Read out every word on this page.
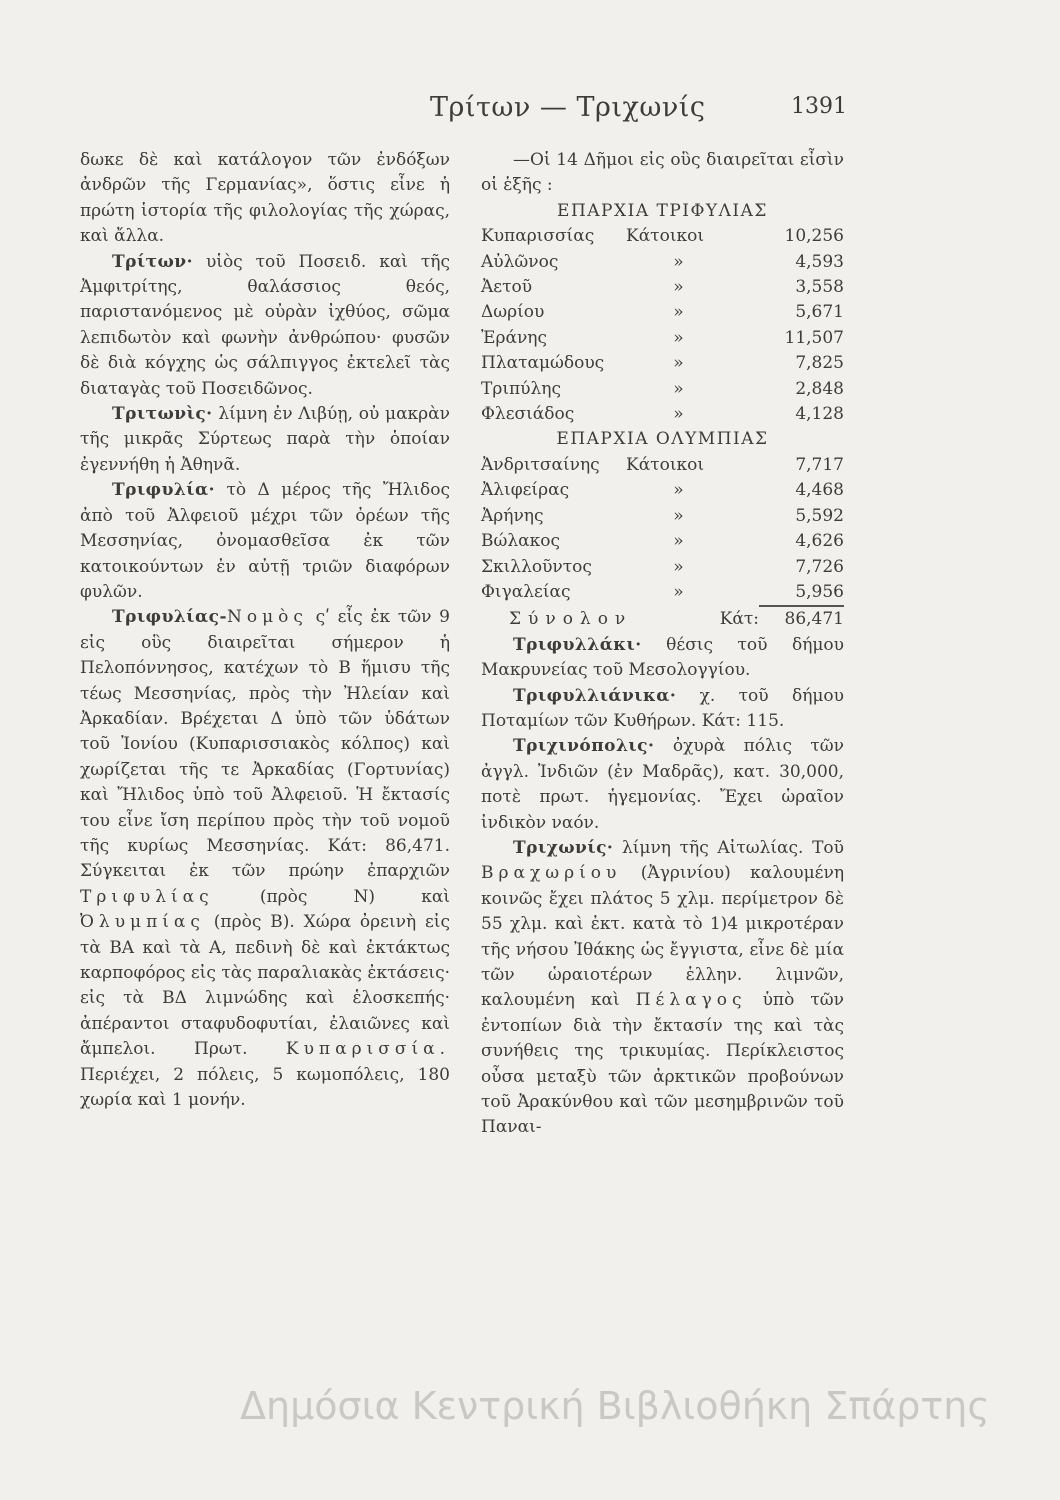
Τρίτων — Τριχωνίς	1391

δωκε δὲ καὶ κατάλογον τῶν ἐνδόξων ἀνδρῶν τῆς Γερμανίας», ὅστις εἶνε ἡ πρώτη ἱστορία τῆς φιλολογίας τῆς χώρας, καὶ ἄλλα.

Τρίτων· υἱὸς τοῦ Ποσειδ. καὶ τῆς Ἀμφιτρίτης, θαλάσσιος θεός, παριστανόμενος μὲ οὐρὰν ἰχθύος, σῶμα λεπιδωτὸν καὶ φωνὴν ἀνθρώπου· φυσῶν δὲ διὰ κόγχης ὡς σάλπιγγος ἐκτελεῖ τὰς διαταγὰς τοῦ Ποσειδῶνος.

Τριτωνὶς· λίμνη ἐν Λιβύῃ, οὐ μακρὰν τῆς μικρᾶς Σύρτεως παρὰ τὴν ὁποίαν ἐγεννήθη ἡ Ἀθηνᾶ.

Τριφυλία· τὸ Δ μέρος τῆς Ἤλιδος ἀπὸ τοῦ Ἀλφειοῦ μέχρι τῶν ὀρέων τῆς Μεσσηνίας, ὀνομασθεῖσα ἐκ τῶν κατοικούντων ἐν αὐτῇ τριῶν διαφόρων φυλῶν.

Τριφυλίας-Νομὸς ςʹ εἷς ἐκ τῶν 9 εἰς οὓς διαιρεῖται σήμερον ἡ Πελοπόννησος, κατέχων τὸ Β ἥμισυ τῆς τέως Μεσσηνίας, πρὸς τὴν Ἠλείαν καὶ Ἀρκαδίαν. Βρέχεται Δ ὑπὸ τῶν ὑδάτων τοῦ Ἰονίου (Κυπαρισσιακὸς κόλπος) καὶ χωρίζεται τῆς τε Ἀρκαδίας (Γορτυνίας) καὶ Ἤλιδος ὑπὸ τοῦ Ἀλφειοῦ. Ἡ ἔκτασίς του εἶνε ἴση περίπου πρὸς τὴν τοῦ νομοῦ τῆς κυρίως Μεσσηνίας. Κάτ: 86,471. Σύγκειται ἐκ τῶν πρώην ἐπαρχιῶν Τριφυλίας (πρὸς Ν) καὶ Ὀλυμπίας (πρὸς Β). Χώρα ὀρεινὴ εἰς τὰ ΒΑ καὶ τὰ Α, πεδινὴ δὲ καὶ ἐκτάκτως καρποφόρος εἰς τὰς παραλιακὰς ἐκτάσεις· εἰς τὰ ΒΔ λιμνώδης καὶ ἑλοσκεπής· ἀπέραντοι σταφυδοφυτίαι, ἐλαιῶνες καὶ ἄμπελοι. Πρωτ. Κυπαρισσία. Περιέχει, 2 πόλεις, 5 κωμοπόλεις, 180 χωρία καὶ 1 μονήν.

—Οἱ 14 Δῆμοι εἰς οὓς διαιρεῖται εἶσὶν οἱ ἑξῆς :

ΕΠΑΡΧΙΑ ΤΡΙΦΥΛΙΑΣ

Κυπαρισσίας	Κάτοικοι	10,256
Αὐλῶνος	»	4,593
Ἀετοῦ	»	3,558
Δωρίου	»	5,671
Ἐράνης	»	11,507
Πλαταμώδους	»	7,825
Τριπύλης	»	2,848
Φλεσιάδος	»	4,128

ΕΠΑΡΧΙΑ ΟΛΥΜΠΙΑΣ

Ἀνδριτσαίνης	Κάτοικοι	7,717
Ἀλιφείρας	»	4,468
Ἀρήνης	»	5,592
Βώλακος	»	4,626
Σκιλλοῦντος	»	7,726
Φιγαλείας	»	5,956
Σύνολον	Κάτ:	86,471

Τριφυλλάκι· θέσις τοῦ δήμου Μακρυνείας τοῦ Μεσολογγίου.

Τριφυλλιάνικα· χ. τοῦ δήμου Ποταμίων τῶν Κυθήρων. Κάτ: 115.

Τριχινόπολις· ὀχυρὰ πόλις τῶν ἀγγλ. Ἰνδιῶν (ἐν Μαδρᾶς), κατ. 30,000, ποτὲ πρωτ. ἡγεμονίας. Ἔχει ὡραῖον ἰνδικὸν ναόν.

Τριχωνίς· λίμνη τῆς Αἰτωλίας. Τοῦ Βραχωρίου (Ἀγρινίου) καλουμένη κοινῶς ἔχει πλάτος 5 χλμ. περίμετρον δὲ 55 χλμ. καὶ ἐκτ. κατὰ τὸ 1)4 μικροτέραν τῆς νήσου Ἰθάκης ὡς ἔγγιστα, εἶνε δὲ μία τῶν ὡραιοτέρων ἑλλην. λιμνῶν, καλουμένη καὶ Πέλαγος ὑπὸ τῶν ἐντοπίων διὰ τὴν ἔκτασίν της καὶ τὰς συνήθεις της τρικυμίας. Περίκλειστος οὖσα μεταξὺ τῶν ἀρκτικῶν προβούνων τοῦ Ἀρακύνθου καὶ τῶν μεσημβρινῶν τοῦ Παναι-

Δημόσια Κεντρική Βιβλιοθήκη Σπάρτης
